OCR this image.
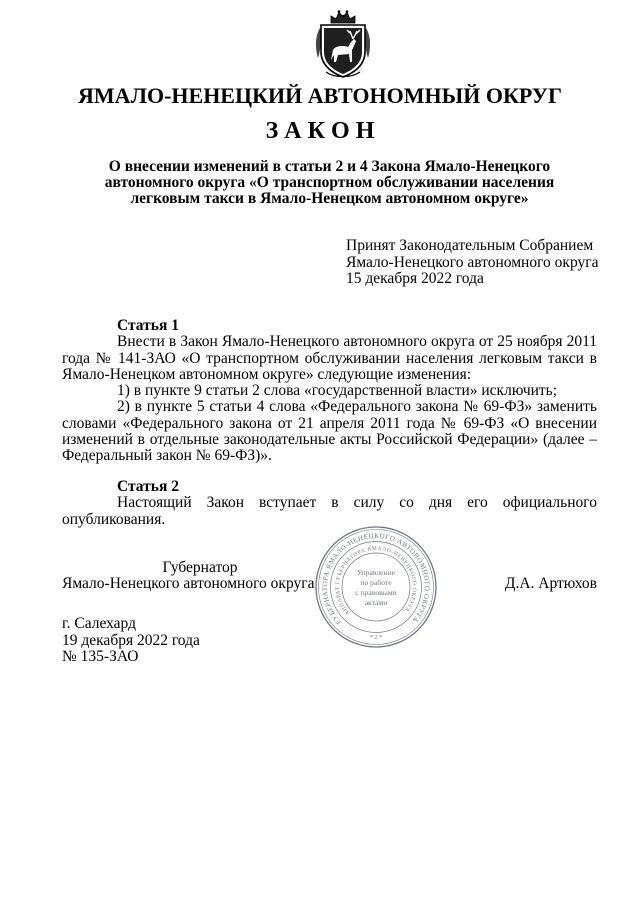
ЯМАЛО-НЕНЕЦКИЙ АВТОНОМНЫЙ ОКРУГ
З А К О Н
О внесении изменений в статьи 2 и 4 Закона Ямало-Ненецкого
автономного округа «О транспортном обслуживании населения
легковым такси в Ямало-Ненецком автономном округе»
Принят Законодательным Собранием
Ямало-Ненецкого автономного округа
15 декабря 2022 года
Статья 1

Внести в Закон Ямало-Ненецкого автономного округа от 25 ноября 2011 года № 141-ЗАО «О транспортном обслуживании населения легковым такси в Ямало-Ненецком автономном округе» следующие изменения:

1) в пункте 9 статьи 2 слова «государственной власти» исключить;

2) в пункте 5 статьи 4 слова «Федерального закона № 69-ФЗ» заменить словами «Федерального закона от 21 апреля 2011 года № 69-ФЗ «О внесении изменений в отдельные законодательные акты Российской Федерации» (далее – Федеральный закон № 69-ФЗ)».

Статья 2

Настоящий Закон вступает в силу со дня его официального опубликования.

Губернатор
Ямало-Ненецкого автономного округа	Д.А. Артюхов
г. Салехард
19 декабря 2022 года
№ 135-ЗАО
ГУБЕРНАТОРА ЯМАЛО-НЕНЕЦКОГО АВТОНОМНОГО ОКРУГА
АППАРАТ ГУБЕРНАТОРА ЯМАЛО-НЕНЕЦКОГО ОКРУГА
Управление
по работе
с правовыми
актами
* 2 *
